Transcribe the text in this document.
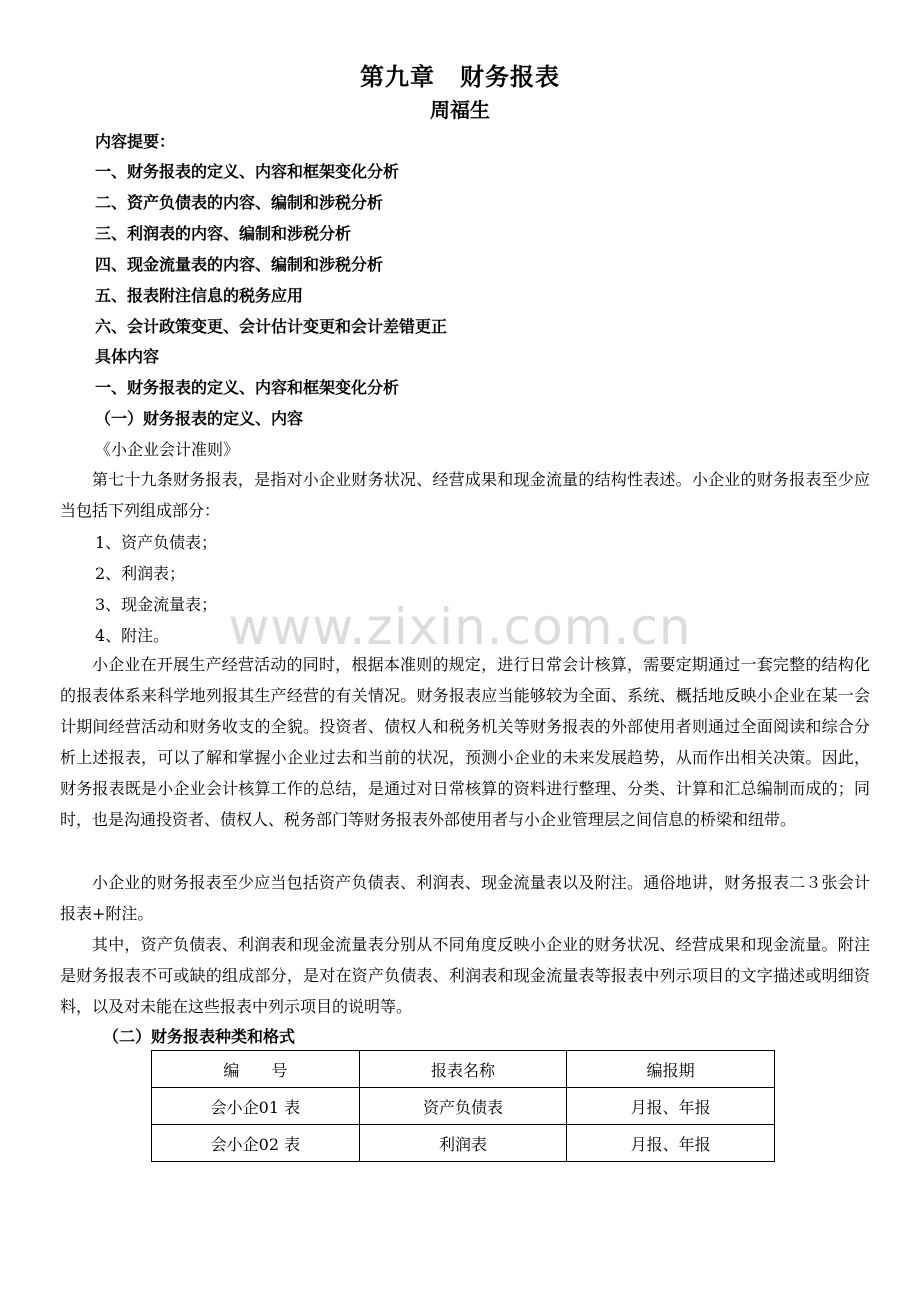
第九章　财务报表
周福生
内容提要：
一、财务报表的定义、内容和框架变化分析
二、资产负债表的内容、编制和涉税分析
三、利润表的内容、编制和涉税分析
四、现金流量表的内容、编制和涉税分析
五、报表附注信息的税务应用
六、会计政策变更、会计估计变更和会计差错更正
具体内容
一、财务报表的定义、内容和框架变化分析
（一）财务报表的定义、内容
《小企业会计准则》
第七十九条财务报表，是指对小企业财务状况、经营成果和现金流量的结构性表述。小企业的财务报表至少应当包括下列组成部分：
1、资产负债表；
2、利润表；
3、现金流量表；
4、附注。	www.zixin.com.cn
小企业在开展生产经营活动的同时，根据本准则的规定，进行日常会计核算，需要定期通过一套完整的结构化的报表体系来科学地列报其生产经营的有关情况。财务报表应当能够较为全面、系统、概括地反映小企业在某一会计期间经营活动和财务收支的全貌。投资者、债权人和税务机关等财务报表的外部使用者则通过全面阅读和综合分析上述报表，可以了解和掌握小企业过去和当前的状况，预测小企业的未来发展趋势，从而作出相关决策。因此，财务报表既是小企业会计核算工作的总结，是通过对日常核算的资料进行整理、分类、计算和汇总编制而成的；同时，也是沟通投资者、债权人、税务部门等财务报表外部使用者与小企业管理层之间信息的桥梁和纽带。
小企业的财务报表至少应当包括资产负债表、利润表、现金流量表以及附注。通俗地讲，财务报表二３张会计报表+附注。
其中，资产负债表、利润表和现金流量表分别从不同角度反映小企业的财务状况、经营成果和现金流量。附注是财务报表不可或缺的组成部分，是对在资产负债表、利润表和现金流量表等报表中列示项目的文字描述或明细资料，以及对未能在这些报表中列示项目的说明等。
（二）财务报表种类和格式
编　　号	报表名称	编报期
会小企01 表	资产负债表	月报、年报
会小企02 表	利润表	月报、年报
